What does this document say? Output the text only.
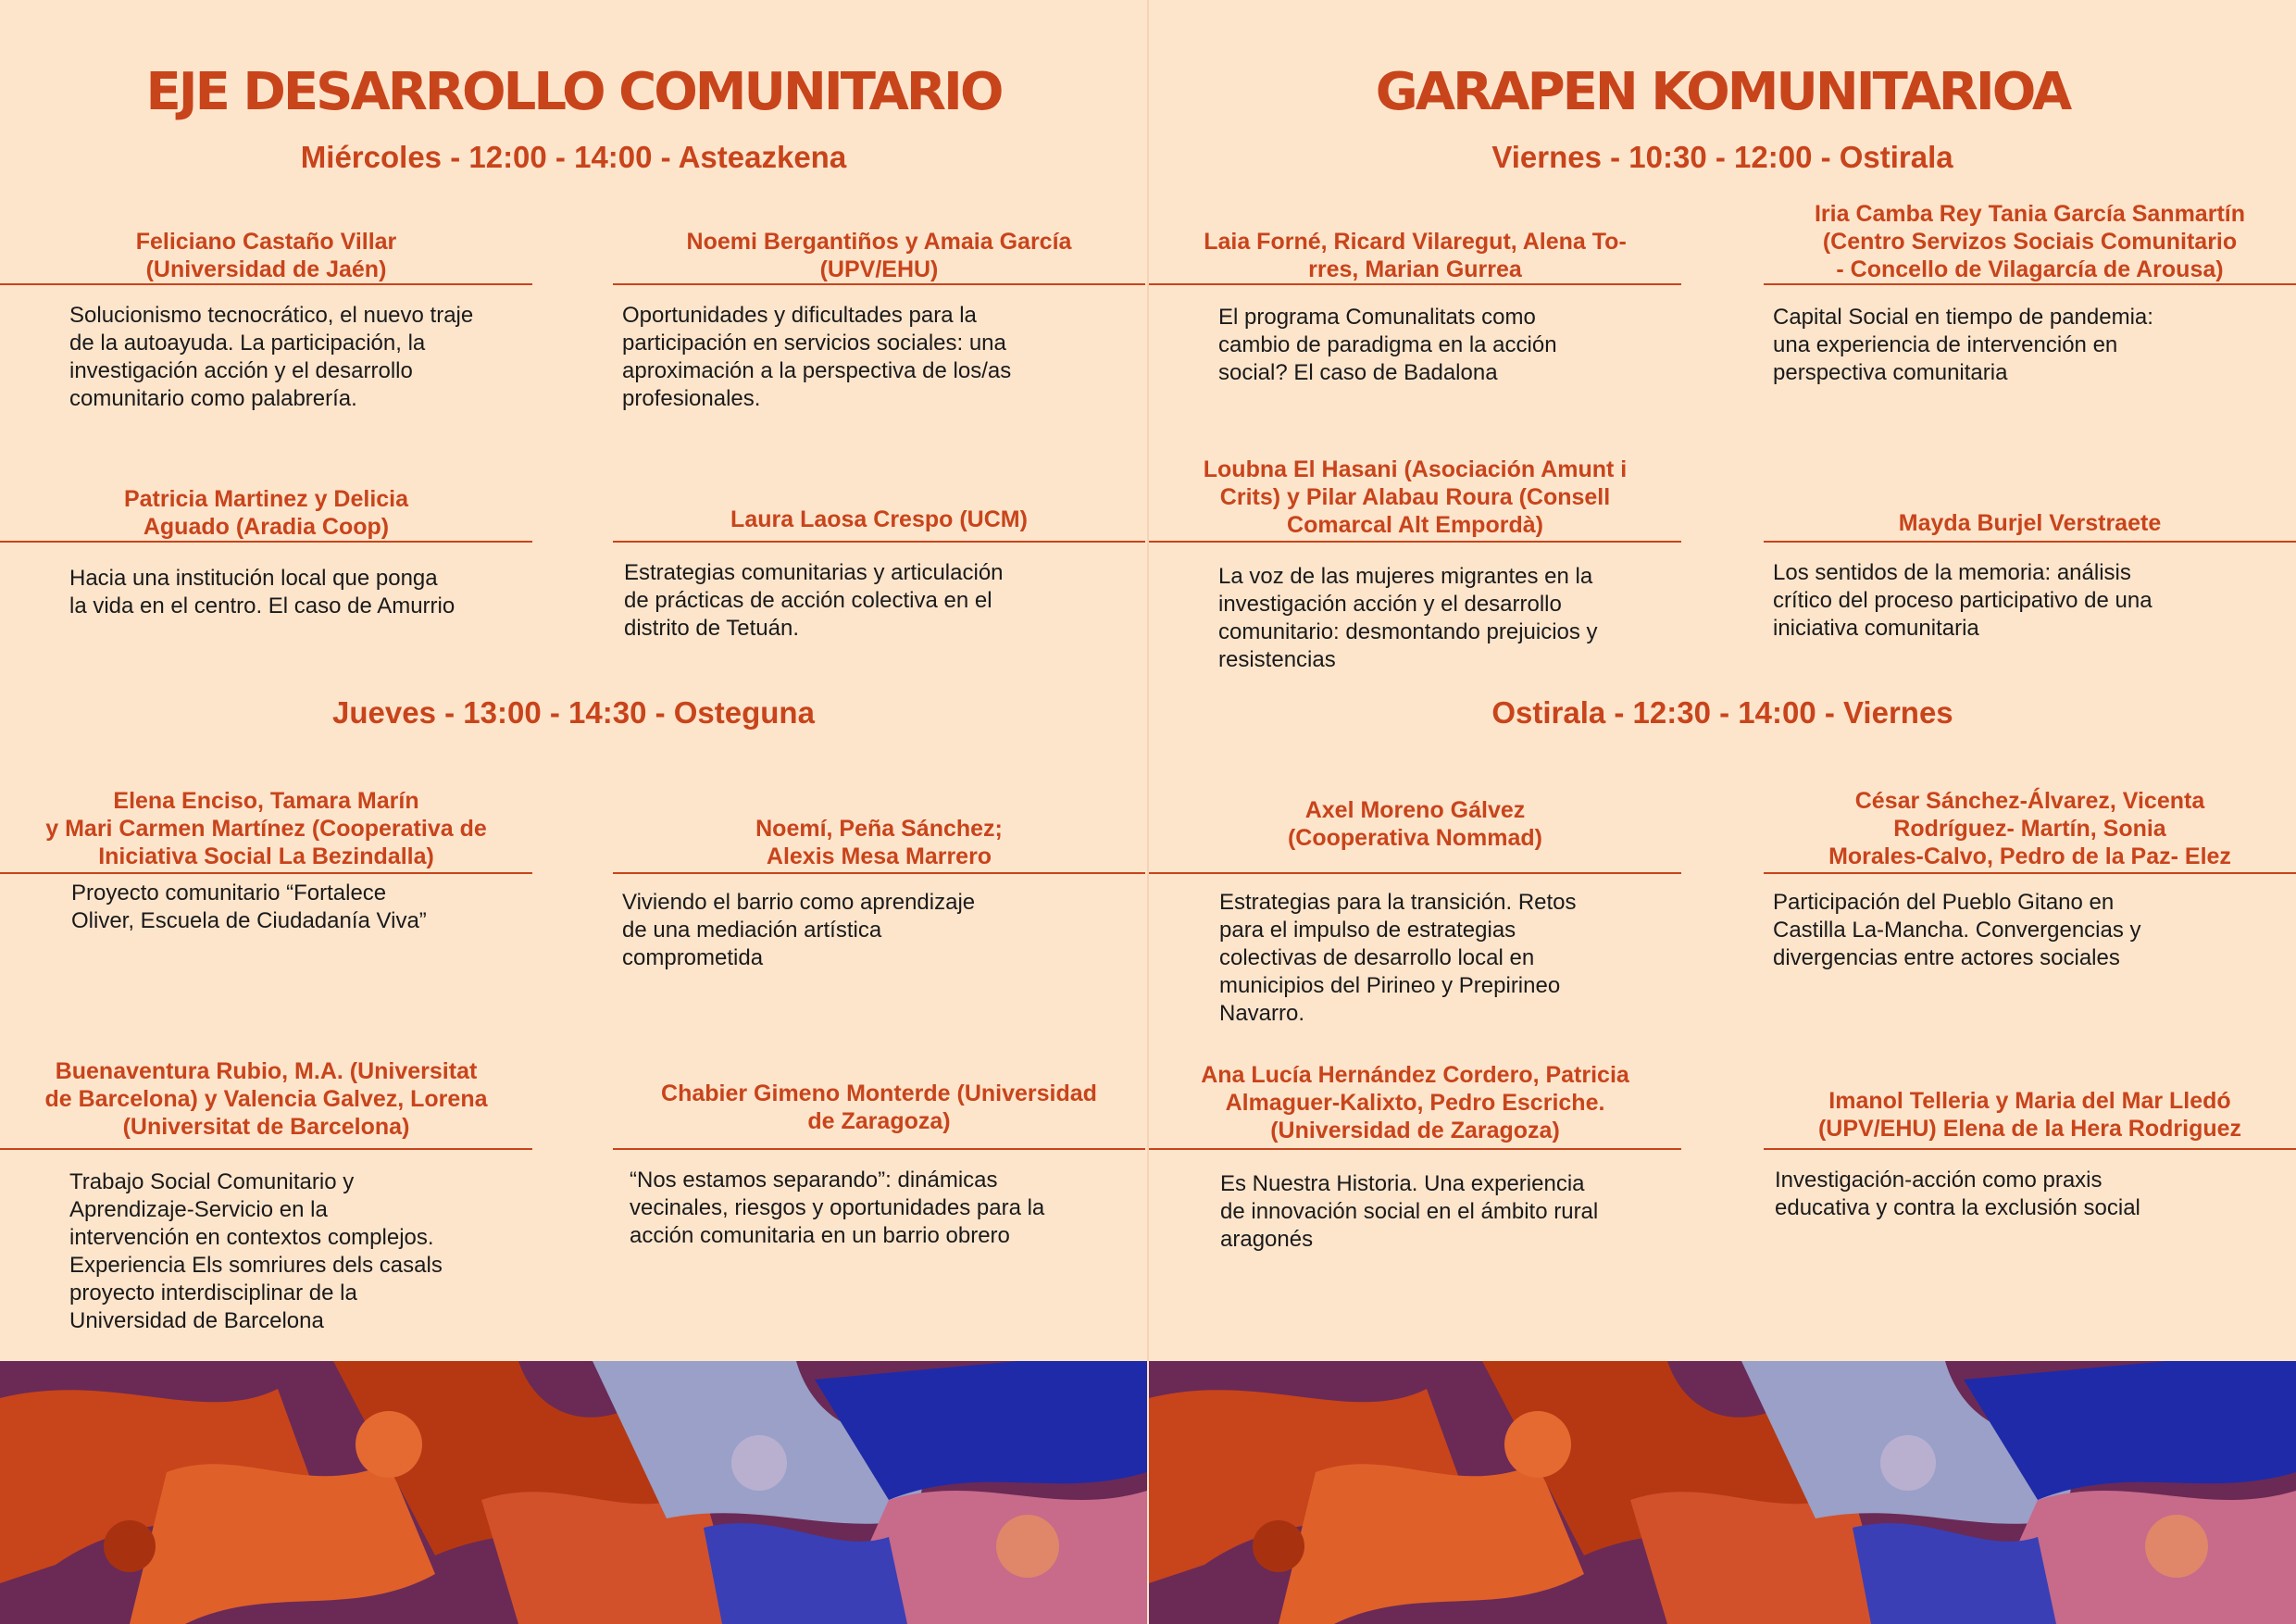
EJE DESARROLLO COMUNITARIO
Miércoles - 12:00 - 14:00 - Asteazkena
Feliciano Castaño Villar
(Universidad de Jaén)
Solucionismo tecnocrático, el nuevo traje
de la autoayuda. La participación, la
investigación acción y el desarrollo
comunitario como palabrería.
Noemi Bergantiños y Amaia García
(UPV/EHU)
Oportunidades y dificultades para la
participación en servicios sociales: una
aproximación a la perspectiva de los/as
profesionales.
Patricia Martinez y Delicia
Aguado (Aradia Coop)
Hacia una institución local que ponga
la vida en el centro. El caso de Amurrio
Laura Laosa Crespo (UCM)
Estrategias comunitarias y articulación
de prácticas de acción colectiva en el
distrito de Tetuán.
Jueves - 13:00 - 14:30 - Osteguna
Elena Enciso, Tamara Marín
y Mari Carmen Martínez (Cooperativa de
Iniciativa Social La Bezindalla)
Proyecto comunitario “Fortalece
Oliver, Escuela de Ciudadanía Viva”
Noemí, Peña Sánchez;
Alexis Mesa Marrero
Viviendo el barrio como aprendizaje
de una mediación artística
comprometida
Buenaventura Rubio, M.A. (Universitat
de Barcelona) y Valencia Galvez, Lorena
(Universitat de Barcelona)
Trabajo Social Comunitario y
Aprendizaje-Servicio en la
intervención en contextos complejos.
Experiencia Els somriures dels casals
proyecto interdisciplinar de la
Universidad de Barcelona
Chabier Gimeno Monterde (Universidad
de Zaragoza)
“Nos estamos separando”: dinámicas
vecinales, riesgos y oportunidades para la
acción comunitaria en un barrio obrero
GARAPEN KOMUNITARIOA
Viernes - 10:30 - 12:00 - Ostirala
Laia Forné, Ricard Vilaregut, Alena To-
rres, Marian Gurrea
El programa Comunalitats como
cambio de paradigma en la acción
social? El caso de Badalona
Iria Camba Rey Tania García Sanmartín
(Centro Servizos Sociais Comunitario
- Concello de Vilagarcía de Arousa)
Capital Social en tiempo de pandemia:
una experiencia de intervención en
perspectiva comunitaria
Loubna El Hasani (Asociación Amunt i
Crits) y Pilar Alabau Roura (Consell
Comarcal Alt Empordà)
La voz de las mujeres migrantes en la
investigación acción y el desarrollo
comunitario: desmontando prejuicios y
resistencias
Mayda Burjel Verstraete
Los sentidos de la memoria: análisis
crítico del proceso participativo de una
iniciativa comunitaria
Ostirala - 12:30 - 14:00 - Viernes
Axel Moreno Gálvez
(Cooperativa Nommad)
Estrategias para la transición. Retos
para el impulso de estrategias
colectivas de desarrollo local en
municipios del Pirineo y Prepirineo
Navarro.
César Sánchez-Álvarez, Vicenta
Rodríguez- Martín, Sonia
Morales-Calvo, Pedro de la Paz- Elez
Participación del Pueblo Gitano en
Castilla La-Mancha. Convergencias y
divergencias entre actores sociales
Ana Lucía Hernández Cordero, Patricia
Almaguer-Kalixto, Pedro Escriche.
(Universidad de Zaragoza)
Es Nuestra Historia. Una experiencia
de innovación social en el ámbito rural
aragonés
Imanol Telleria y Maria del Mar Lledó
(UPV/EHU) Elena de la Hera Rodriguez
Investigación-acción como praxis
educativa y contra la exclusión social
